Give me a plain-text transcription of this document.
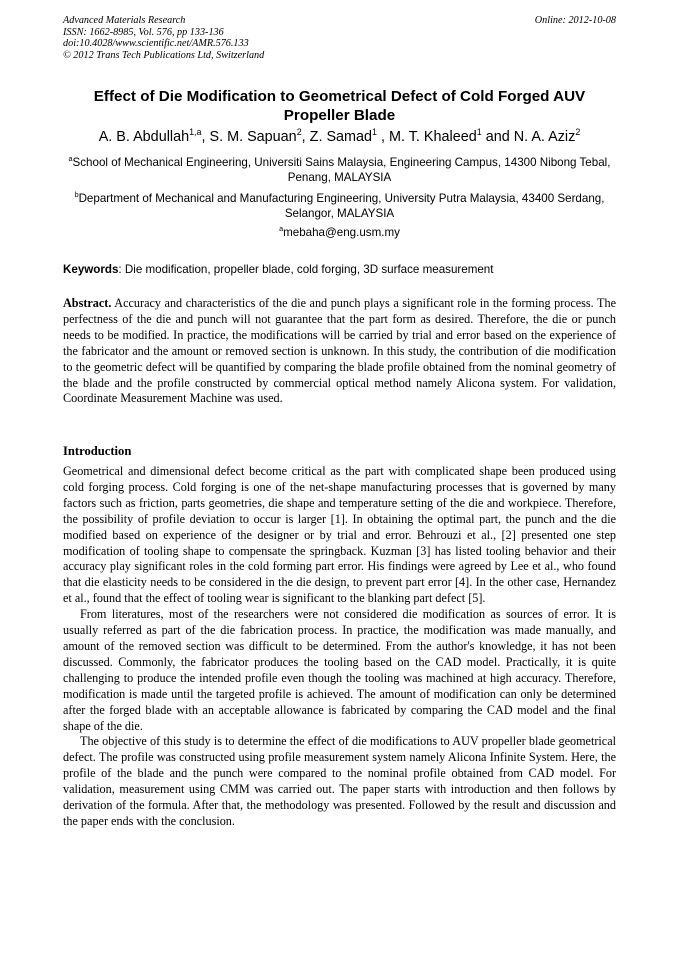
Advanced Materials Research
ISSN: 1662-8985, Vol. 576, pp 133-136
doi:10.4028/www.scientific.net/AMR.576.133
© 2012 Trans Tech Publications Ltd, Switzerland
Online: 2012-10-08
Effect of Die Modification to Geometrical Defect of Cold Forged AUV Propeller Blade
A. B. Abdullah$^{1,a}$, S. M. Sapuan$^2$, Z. Samad$^1$ , M. T. Khaleed$^1$ and N. A. Aziz$^2$
$^a$School of Mechanical Engineering, Universiti Sains Malaysia, Engineering Campus, 14300 Nibong Tebal, Penang, MALAYSIA
$^b$Department of Mechanical and Manufacturing Engineering, University Putra Malaysia, 43400 Serdang, Selangor, MALAYSIA
$^a$mebaha@eng.usm.my
Keywords: Die modification, propeller blade, cold forging, 3D surface measurement
Abstract. Accuracy and characteristics of the die and punch plays a significant role in the forming process. The perfectness of the die and punch will not guarantee that the part form as desired. Therefore, the die or punch needs to be modified. In practice, the modifications will be carried by trial and error based on the experience of the fabricator and the amount or removed section is unknown. In this study, the contribution of die modification to the geometric defect will be quantified by comparing the blade profile obtained from the nominal geometry of the blade and the profile constructed by commercial optical method namely Alicona system. For validation, Coordinate Measurement Machine was used.
Introduction

Geometrical and dimensional defect become critical as the part with complicated shape been produced using cold forging process. Cold forging is one of the net-shape manufacturing processes that is governed by many factors such as friction, parts geometries, die shape and temperature setting of the die and workpiece. Therefore, the possibility of profile deviation to occur is larger [1]. In obtaining the optimal part, the punch and the die modified based on experience of the designer or by trial and error. Behrouzi et al., [2] presented one step modification of tooling shape to compensate the springback. Kuzman [3] has listed tooling behavior and their accuracy play significant roles in the cold forming part error. His findings were agreed by Lee et al., who found that die elasticity needs to be considered in the die design, to prevent part error [4]. In the other case, Hernandez et al., found that the effect of tooling wear is significant to the blanking part defect [5].

From literatures, most of the researchers were not considered die modification as sources of error. It is usually referred as part of the die fabrication process. In practice, the modification was made manually, and amount of the removed section was difficult to be determined. From the author's knowledge, it has not been discussed. Commonly, the fabricator produces the tooling based on the CAD model. Practically, it is quite challenging to produce the intended profile even though the tooling was machined at high accuracy. Therefore, modification is made until the targeted profile is achieved. The amount of modification can only be determined after the forged blade with an acceptable allowance is fabricated by comparing the CAD model and the final shape of the die.

The objective of this study is to determine the effect of die modifications to AUV propeller blade geometrical defect. The profile was constructed using profile measurement system namely Alicona Infinite System. Here, the profile of the blade and the punch were compared to the nominal profile obtained from CAD model. For validation, measurement using CMM was carried out. The paper starts with introduction and then follows by derivation of the formula. After that, the methodology was presented. Followed by the result and discussion and the paper ends with the conclusion.
